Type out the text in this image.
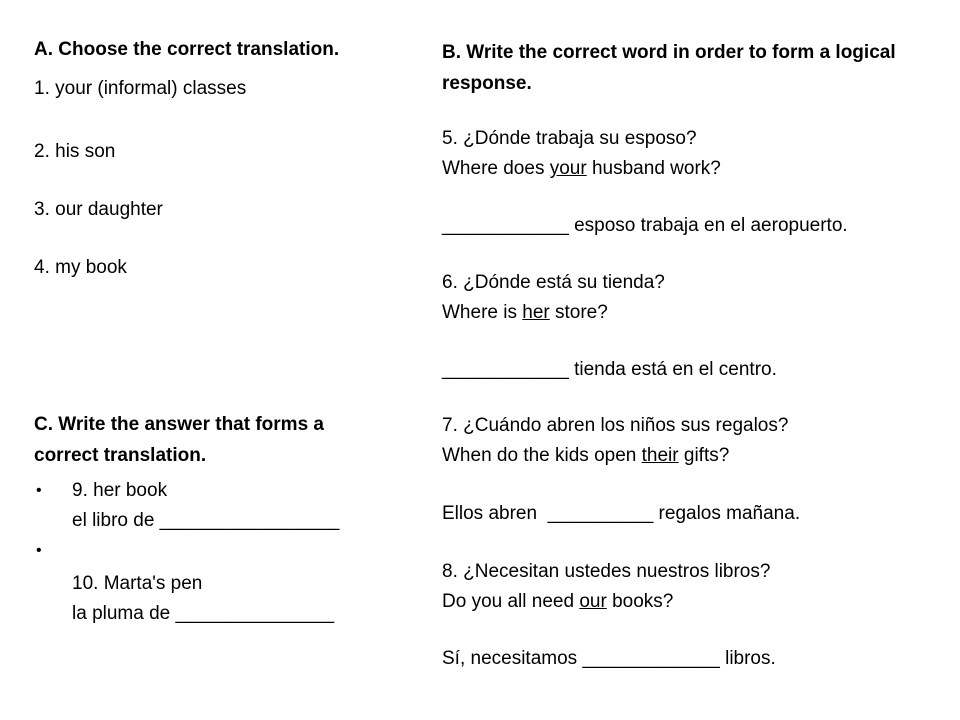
A. Choose the correct translation.
1. your (informal) classes
2. his son
3. our daughter
4. my book
C. Write the answer that forms a
correct translation.
• 9. her book
el libro de _________________
•
10. Marta's pen
la pluma de _______________
B. Write the correct word in order to form a logical
response.
5. ¿Dónde trabaja su esposo?
Where does your husband work?
____________ esposo trabaja en el aeropuerto.
6. ¿Dónde está su tienda?
Where is her store?
____________ tienda está en el centro.
7. ¿Cuándo abren los niños sus regalos?
When do the kids open their gifts?
Ellos abren  __________ regalos mañana.
8. ¿Necesitan ustedes nuestros libros?
Do you all need our books?
Sí, necesitamos _____________ libros.
